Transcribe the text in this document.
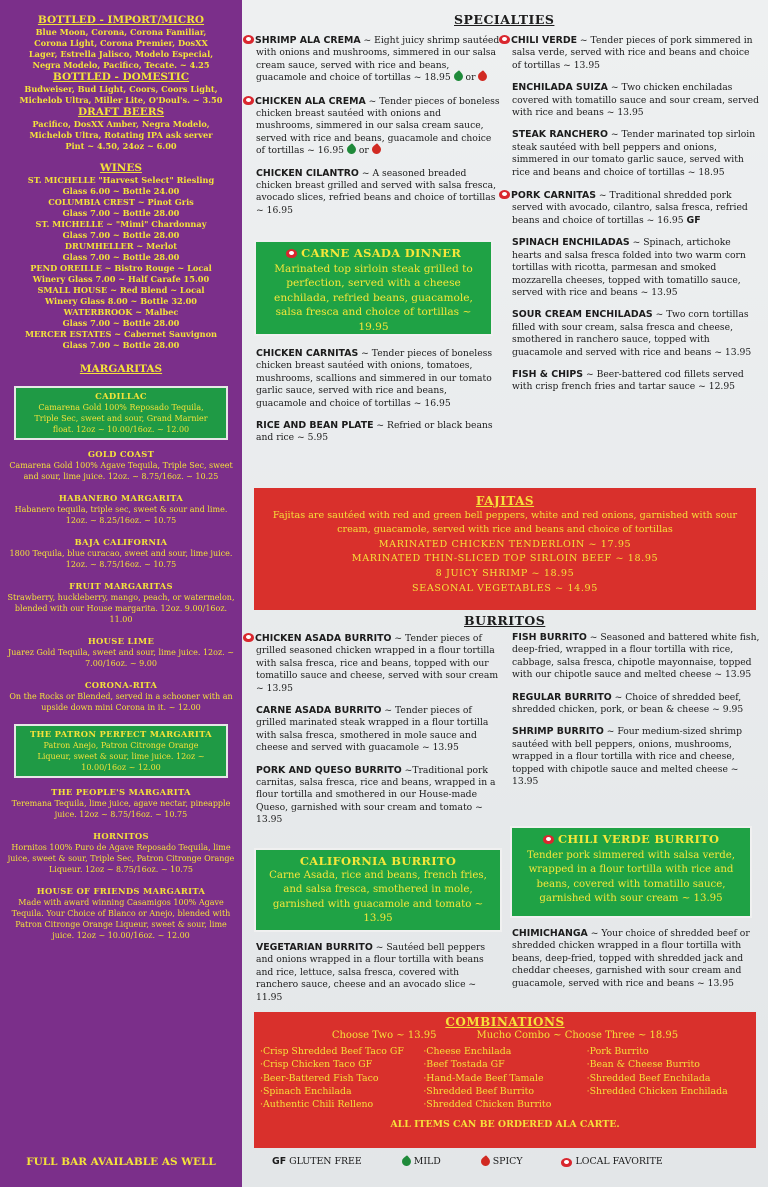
BOTTLED - IMPORT/MICRO
Blue Moon, Corona, Corona Familiar,
Corona Light, Corona Premier, DosXX
Lager, Estrella Jalisco, Modelo Especial,
Negra Modelo, Pacifico, Tecate. ~ 4.25
BOTTLED - DOMESTIC
Budweiser, Bud Light, Coors, Coors Light,
Michelob Ultra, Miller Lite, O'Doul's. ~ 3.50
DRAFT BEERS
Pacifico, DosXX Amber, Negra Modelo,
Michelob Ultra, Rotating IPA ask server
Pint ~ 4.50, 24oz ~ 6.00
WINES
ST. MICHELLE "Harvest Select" Riesling
Glass 6.00 ~ Bottle 24.00
COLUMBIA CREST ~ Pinot Gris
Glass 7.00 ~ Bottle 28.00
ST. MICHELLE ~ "Mimi" Chardonnay
Glass 7.00 ~ Bottle 28.00
DRUMHELLER ~ Merlot
Glass 7.00 ~ Bottle 28.00
PEND OREILLE ~ Bistro Rouge ~ Local
Winery Glass 7.00 ~ Half Carafe 15.00
SMALL HOUSE ~ Red Blend ~ Local
Winery Glass 8.00 ~ Bottle 32.00
WATERBROOK ~ Malbec
Glass 7.00 ~ Bottle 28.00
MERCER ESTATES ~ Cabernet Sauvignon
Glass 7.00 ~ Bottle 28.00
MARGARITAS
CADILLAC
Camarena Gold 100% Reposado Tequila, Triple Sec, sweet and sour, Grand Marnier float. 12oz ~ 10.00/16oz. ~ 12.00
GOLD COAST
Camarena Gold 100% Agave Tequila, Triple Sec, sweet and sour, lime juice. 12oz. ~ 8.75/16oz. ~ 10.25
HABANERO MARGARITA
Habanero tequila, triple sec, sweet & sour and lime. 12oz. ~ 8.25/16oz. ~ 10.75
BAJA CALIFORNIA
1800 Tequila, blue curacao, sweet and sour, lime juice. 12oz. ~ 8.75/16oz. ~ 10.75
FRUIT MARGARITAS
Strawberry, huckleberry, mango, peach, or watermelon, blended with our House margarita. 12oz. 9.00/16oz. 11.00
HOUSE LIME
Juarez Gold Tequila, sweet and sour, lime juice. 12oz. ~ 7.00/16oz. ~ 9.00
CORONA-RITA
On the Rocks or Blended, served in a schooner with an upside down mini Corona in it. ~ 12.00
THE PATRON PERFECT MARGARITA
Patron Anejo, Patron Citronge Orange Liqueur, sweet & sour, lime juice. 12oz ~ 10.00/16oz ~ 12.00
THE PEOPLE'S MARGARITA
Teremana Tequila, lime juice, agave nectar, pineapple juice. 12oz ~ 8.75/16oz. ~ 10.75
HORNITOS
Hornitos 100% Puro de Agave Reposado Tequila, lime juice, sweet & sour, Triple Sec, Patron Citronge Orange Liqueur. 12oz ~ 8.75/16oz. ~ 10.75
HOUSE OF FRIENDS MARGARITA
Made with award winning Casamigos 100% Agave Tequila. Your Choice of Blanco or Anejo, blended with Patron Citronge Orange Liqueur, sweet & sour, lime juice. 12oz ~ 10.00/16oz. ~ 12.00
FULL BAR AVAILABLE AS WELL
SPECIALTIES
SHRIMP ALA CREMA ~ Eight juicy shrimp sautéed with onions and mushrooms, simmered in our salsa cream sauce, served with rice and beans, guacamole and choice of tortillas ~ 18.95 or
CHICKEN ALA CREMA ~ Tender pieces of boneless chicken breast sautéed with onions and mushrooms, simmered in our salsa cream sauce, served with rice and beans, guacamole and choice of tortillas ~ 16.95 or
CHICKEN CILANTRO ~ A seasoned breaded chicken breast grilled and served with salsa fresca, avocado slices, refried beans and choice of tortillas ~ 16.95
CARNE ASADA DINNER
Marinated top sirloin steak grilled to perfection, served with a cheese enchilada, refried beans, guacamole, salsa fresca and choice of tortillas ~ 19.95
CHICKEN CARNITAS ~ Tender pieces of boneless chicken breast sautéed with onions, tomatoes, mushrooms, scallions and simmered in our tomato garlic sauce, served with rice and beans, guacamole and choice of tortillas ~ 16.95
RICE AND BEAN PLATE ~ Refried or black beans and rice ~ 5.95
CHILI VERDE ~ Tender pieces of pork simmered in salsa verde, served with rice and beans and choice of tortillas ~ 13.95
ENCHILADA SUIZA ~ Two chicken enchiladas covered with tomatillo sauce and sour cream, served with rice and beans ~ 13.95
STEAK RANCHERO ~ Tender marinated top sirloin steak sautéed with bell peppers and onions, simmered in our tomato garlic sauce, served with rice and beans and choice of tortillas ~ 18.95
PORK CARNITAS ~ Traditional shredded pork served with avocado, cilantro, salsa fresca, refried beans and choice of tortillas ~ 16.95 GF
SPINACH ENCHILADAS ~ Spinach, artichoke hearts and salsa fresca folded into two warm corn tortillas with ricotta, parmesan and smoked mozzarella cheeses, topped with tomatillo sauce, served with rice and beans ~ 13.95
SOUR CREAM ENCHILADAS ~ Two corn tortillas filled with sour cream, salsa fresca and cheese, smothered in ranchero sauce, topped with guacamole and served with rice and beans ~ 13.95
FISH & CHIPS ~ Beer-battered cod fillets served with crisp french fries and tartar sauce ~ 12.95
FAJITAS
Fajitas are sautéed with red and green bell peppers, white and red onions, garnished with sour cream, guacamole, served with rice and beans and choice of tortillas
MARINATED CHICKEN TENDERLOIN ~ 17.95
MARINATED THIN-SLICED TOP SIRLOIN BEEF ~ 18.95
8 JUICY SHRIMP ~ 18.95
SEASONAL VEGETABLES ~ 14.95
BURRITOS
CHICKEN ASADA BURRITO ~ Tender pieces of grilled seasoned chicken wrapped in a flour tortilla with salsa fresca, rice and beans, topped with our tomatillo sauce and cheese, served with sour cream ~ 13.95
CARNE ASADA BURRITO ~ Tender pieces of grilled marinated steak wrapped in a flour tortilla with salsa fresca, smothered in mole sauce and cheese and served with guacamole ~ 13.95
PORK AND QUESO BURRITO ~Traditional pork carnitas, salsa fresca, rice and beans, wrapped in a flour tortilla and smothered in our House-made Queso, garnished with sour cream and tomato ~ 13.95
CALIFORNIA BURRITO
Carne Asada, rice and beans, french fries, and salsa fresca, smothered in mole, garnished with guacamole and tomato ~ 13.95
VEGETARIAN BURRITO ~ Sautéed bell peppers and onions wrapped in a flour tortilla with beans and rice, lettuce, salsa fresca, covered with ranchero sauce, cheese and an avocado slice ~ 11.95
FISH BURRITO ~ Seasoned and battered white fish, deep-fried, wrapped in a flour tortilla with rice, cabbage, salsa fresca, chipotle mayonnaise, topped with our chipotle sauce and melted cheese ~ 13.95
REGULAR BURRITO ~ Choice of shredded beef, shredded chicken, pork, or bean & cheese ~ 9.95
SHRIMP BURRITO ~ Four medium-sized shrimp sautéed with bell peppers, onions, mushrooms, wrapped in a flour tortilla with rice and cheese, topped with chipotle sauce and melted cheese ~ 13.95
CHILI VERDE BURRITO
Tender pork simmered with salsa verde, wrapped in a flour tortilla with rice and beans, covered with tomatillo sauce, garnished with sour cream ~ 13.95
CHIMICHANGA ~ Your choice of shredded beef or shredded chicken wrapped in a flour tortilla with beans, deep-fried, topped with shredded jack and cheddar cheeses, garnished with sour cream and guacamole, served with rice and beans ~ 13.95
COMBINATIONS
Choose Two ~ 13.95	Mucho Combo ~ Choose Three ~ 18.95
·Crisp Shredded Beef Taco GF
·Crisp Chicken Taco GF
·Beer-Battered Fish Taco
·Spinach Enchilada
·Authentic Chili Relleno
·Cheese Enchilada
·Beef Tostada GF
·Hand-Made Beef Tamale
·Shredded Beef Burrito
·Shredded Chicken Burrito
·Pork Burrito
·Bean & Cheese Burrito
·Shredded Beef Enchilada
·Shredded Chicken Enchilada
ALL ITEMS CAN BE ORDERED ALA CARTE.
GF
GLUTEN FREE
	MILD
	SPICY
	LOCAL FAVORITE
